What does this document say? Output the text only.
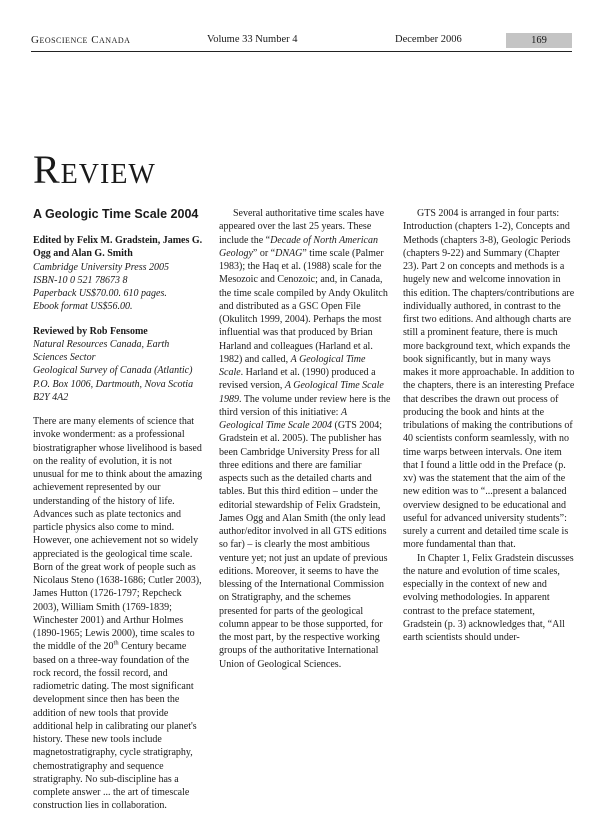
Geoscience Canada	Volume 33 Number 4	December 2006	169
Review
A Geologic Time Scale 2004

Edited by Felix M. Gradstein, James G. Ogg and Alan G. Smith

Cambridge University Press 2005

ISBN-10 0 521 78673 8

Paperback US$70.00. 610 pages.

Ebook format US$56.00.

Reviewed by Rob Fensome

Natural Resources Canada, Earth Sciences Sector

Geological Survey of Canada (Atlantic)

P.O. Box 1006, Dartmouth, Nova Scotia B2Y 4A2

There are many elements of science that invoke wonderment: as a professional biostratigrapher whose livelihood is based on the reality of evolution, it is not unusual for me to think about the amazing achievement represented by our understanding of the history of life. Advances such as plate tectonics and particle physics also come to mind. However, one achievement not so widely appreciated is the geological time scale. Born of the great work of people such as Nicolaus Steno (1638-1686; Cutler 2003), James Hutton (1726-1797; Repcheck 2003), William Smith (1769-1839; Winchester 2001) and Arthur Holmes (1890-1965; Lewis 2000), time scales to the middle of the 20th Century became based on a three-way foundation of the rock record, the fossil record, and radiometric dating. The most significant development since then has been the addition of new tools that provide additional help in calibrating our planet's history. These new tools include magnetostratigraphy, cycle stratigraphy, chemostratigraphy and sequence stratigraphy. No sub-discipline has a complete answer ... the art of timescale construction lies in collaboration.

Several authoritative time scales have appeared over the last 25 years. These include the “Decade of North American Geology” or “DNAG” time scale (Palmer 1983); the Haq et al. (1988) scale for the Mesozoic and Cenozoic; and, in Canada, the time scale compiled by Andy Okulitch and distributed as a GSC Open File (Okulitch 1999, 2004). Perhaps the most influential was that produced by Brian Harland and colleagues (Harland et al. 1982) and called, A Geological Time Scale. Harland et al. (1990) produced a revised version, A Geological Time Scale 1989. The volume under review here is the third version of this initiative: A Geological Time Scale 2004 (GTS 2004; Gradstein et al. 2005). The publisher has been Cambridge University Press for all three editions and there are familiar aspects such as the detailed charts and tables. But this third edition – under the editorial stewardship of Felix Gradstein, James Ogg and Alan Smith (the only lead author/editor involved in all GTS editions so far) – is clearly the most ambitious venture yet; not just an update of previous editions. Moreover, it seems to have the blessing of the International Commission on Stratigraphy, and the schemes presented for parts of the geological column appear to be those supported, for the most part, by the respective working groups of the authoritative International Union of Geological Sciences.

GTS 2004 is arranged in four parts: Introduction (chapters 1-2), Concepts and Methods (chapters 3-8), Geologic Periods (chapters 9-22) and Summary (Chapter 23). Part 2 on concepts and methods is a hugely new and welcome innovation in this edition. The chapters/contributions are individually authored, in contrast to the first two editions. And although charts are still a prominent feature, there is much more background text, which expands the book significantly, but in many ways makes it more approachable. In addition to the chapters, there is an interesting Preface that describes the drawn out process of producing the book and hints at the tribulations of making the contributions of 40 scientists conform seamlessly, with no time warps between intervals. One item that I found a little odd in the Preface (p. xv) was the statement that the aim of the new edition was to “...present a balanced overview designed to be educational and useful for advanced university students”: surely a current and detailed time scale is more fundamental than that.

In Chapter 1, Felix Gradstein discusses the nature and evolution of time scales, especially in the context of new and evolving methodologies. In apparent contrast to the preface statement, Gradstein (p. 3) acknowledges that, “All earth scientists should under-
